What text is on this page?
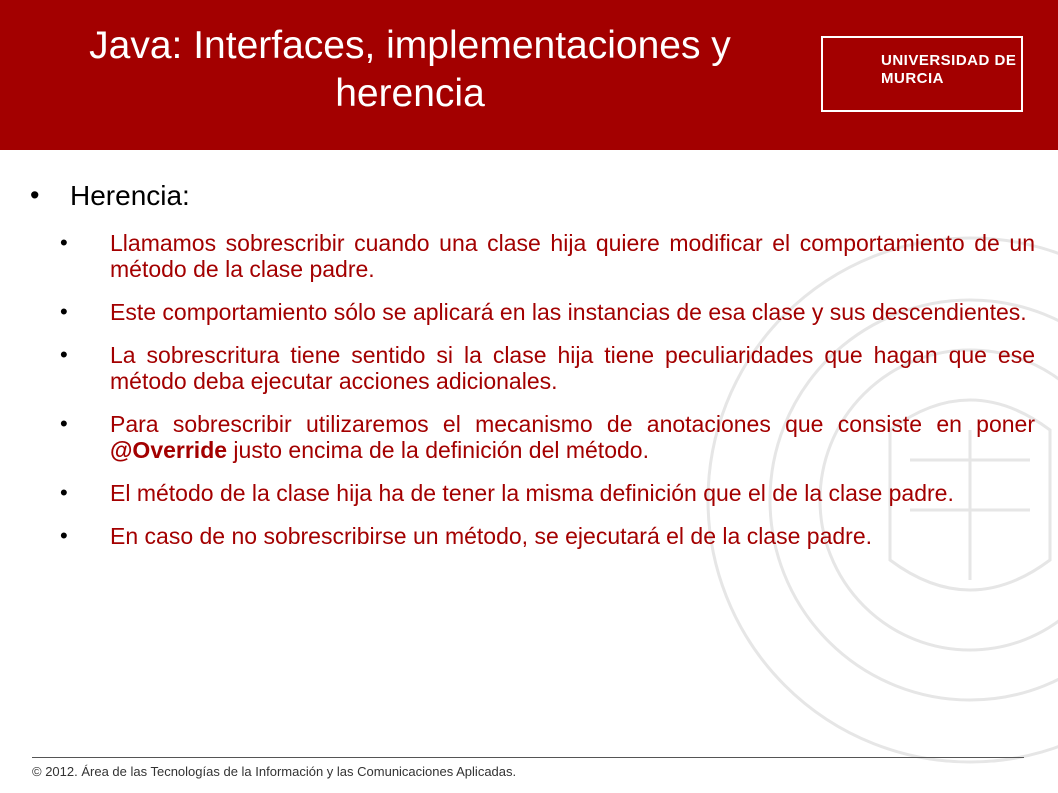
Java: Interfaces, implementaciones y herencia
UNIVERSIDAD DE
MURCIA
• Herencia:
• Llamamos sobrescribir cuando una clase hija quiere modificar el comportamiento de un método de la clase padre.
• Este comportamiento sólo se aplicará en las instancias de esa clase y sus descendientes.
• La sobrescritura tiene sentido si la clase hija tiene peculiaridades que hagan que ese método deba ejecutar acciones adicionales.
• Para sobrescribir utilizaremos el mecanismo de anotaciones que consiste en poner @Override justo encima de la definición del método.
• El método de la clase hija ha de tener la misma definición que el de la clase padre.
• En caso de no sobrescribirse un método, se ejecutará el de la clase padre.
© 2012. Área de las Tecnologías de la Información y las Comunicaciones Aplicadas.
